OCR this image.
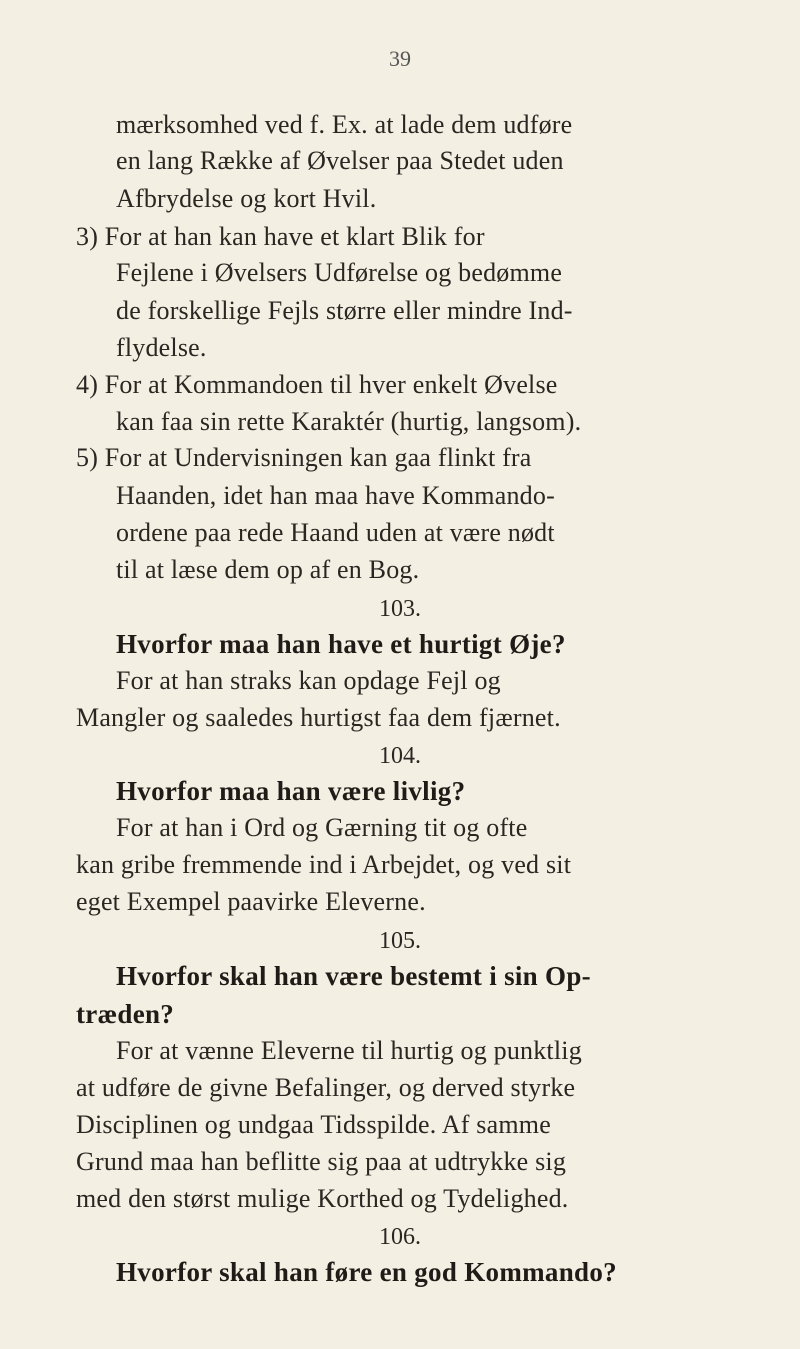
39
mærksomhed ved f. Ex. at lade dem udføre
en lang Række af Øvelser paa Stedet uden
Afbrydelse og kort Hvil.
3) For at han kan have et klart Blik for
Fejlene i Øvelsers Udførelse og bedømme
de forskellige Fejls større eller mindre Ind-
flydelse.
4) For at Kommandoen til hver enkelt Øvelse
kan faa sin rette Karaktér (hurtig, langsom).
5) For at Undervisningen kan gaa flinkt fra
Haanden, idet han maa have Kommando-
ordene paa rede Haand uden at være nødt
til at læse dem op af en Bog.
103.
Hvorfor maa han have et hurtigt Øje?
For at han straks kan opdage Fejl og
Mangler og saaledes hurtigst faa dem fjærnet.
104.
Hvorfor maa han være livlig?
For at han i Ord og Gærning tit og ofte
kan gribe fremmende ind i Arbejdet, og ved sit
eget Exempel paavirke Eleverne.
105.
Hvorfor skal han være bestemt i sin Op-
træden?
For at vænne Eleverne til hurtig og punktlig
at udføre de givne Befalinger, og derved styrke
Disciplinen og undgaa Tidsspilde. Af samme
Grund maa han beflitte sig paa at udtrykke sig
med den størst mulige Korthed og Tydelighed.
106.
Hvorfor skal han føre en god Kommando?
